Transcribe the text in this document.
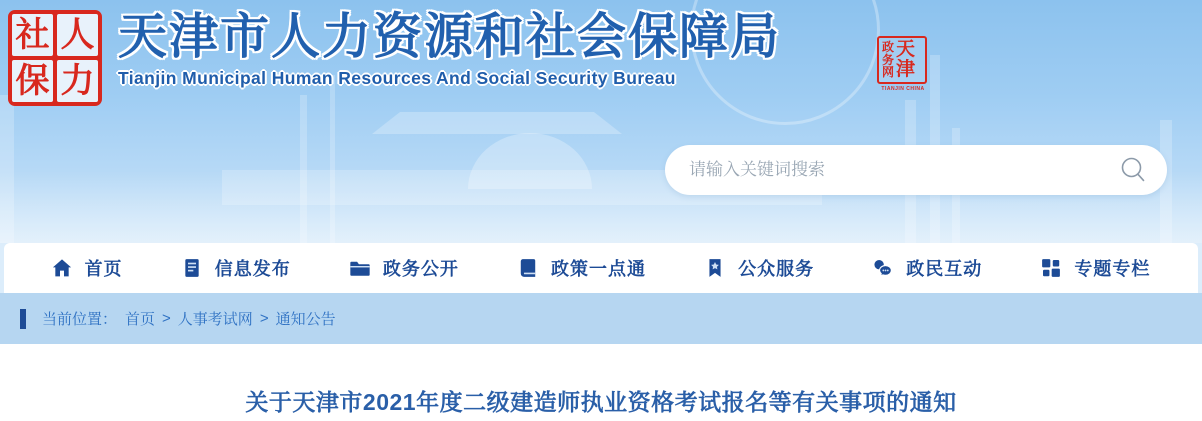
社 人
保 力
天津市人力资源和社会保障局
Tianjin Municipal Human Resources And Social Security Bureau
政务网
天津
TIANJIN CHINA
请输入关键词搜索
首页	信息发布	政务公开	政策一点通	公众服务	政民互动	专题专栏
当前位置： 首页 > 人事考试网 > 通知公告
关于天津市2021年度二级建造师执业资格考试报名等有关事项的通知
